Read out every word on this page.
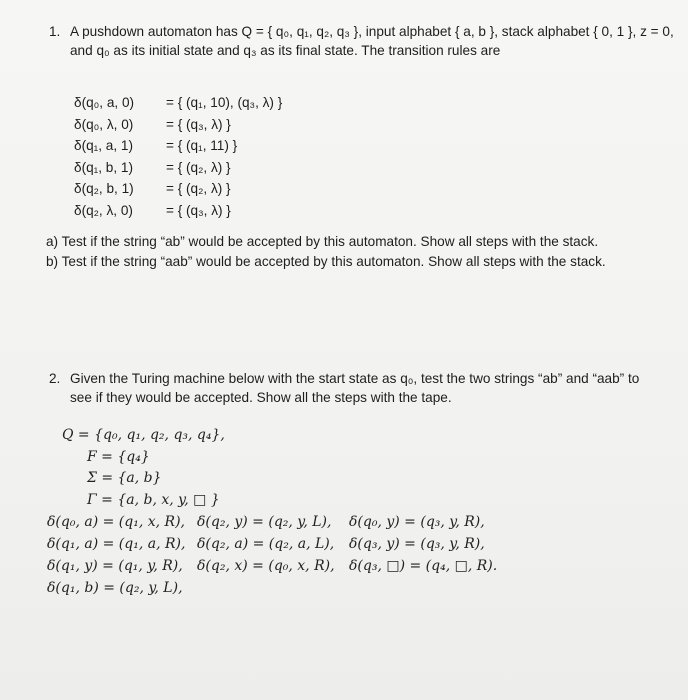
1. A pushdown automaton has Q = { q₀, q₁, q₂, q₃ }, input alphabet { a, b }, stack alphabet { 0, 1 }, z = 0, and q₀ as its initial state and q₃ as its final state. The transition rules are
δ(q₀, a, 0) = { (q₁, 10), (q₃, λ) }
δ(q₀, λ, 0) = { (q₃, λ) }
δ(q₁, a, 1) = { (q₁, 11) }
δ(q₁, b, 1) = { (q₂, λ) }
δ(q₂, b, 1) = { (q₂, λ) }
δ(q₂, λ, 0) = { (q₃, λ) }
a) Test if the string “ab” would be accepted by this automaton. Show all steps with the stack.
b) Test if the string “aab” would be accepted by this automaton. Show all steps with the stack.
2. Given the Turing machine below with the start state as q₀, test the two strings “ab” and “aab” to see if they would be accepted. Show all the steps with the tape.
Q = {q₀, q₁, q₂, q₃, q₄},
F = {q₄}
Σ = {a, b}
Γ = {a, b, x, y, □ }
δ(q₀, a) = (q₁, x, R),
δ(q₁, a) = (q₁, a, R),
δ(q₁, y) = (q₁, y, R),
δ(q₁, b) = (q₂, y, L),
δ(q₂, y) = (q₂, y, L),
δ(q₂, a) = (q₂, a, L),
δ(q₂, x) = (q₀, x, R),
δ(q₀, y) = (q₃, y, R),
δ(q₃, y) = (q₃, y, R),
δ(q₃, □) = (q₄, □, R).
